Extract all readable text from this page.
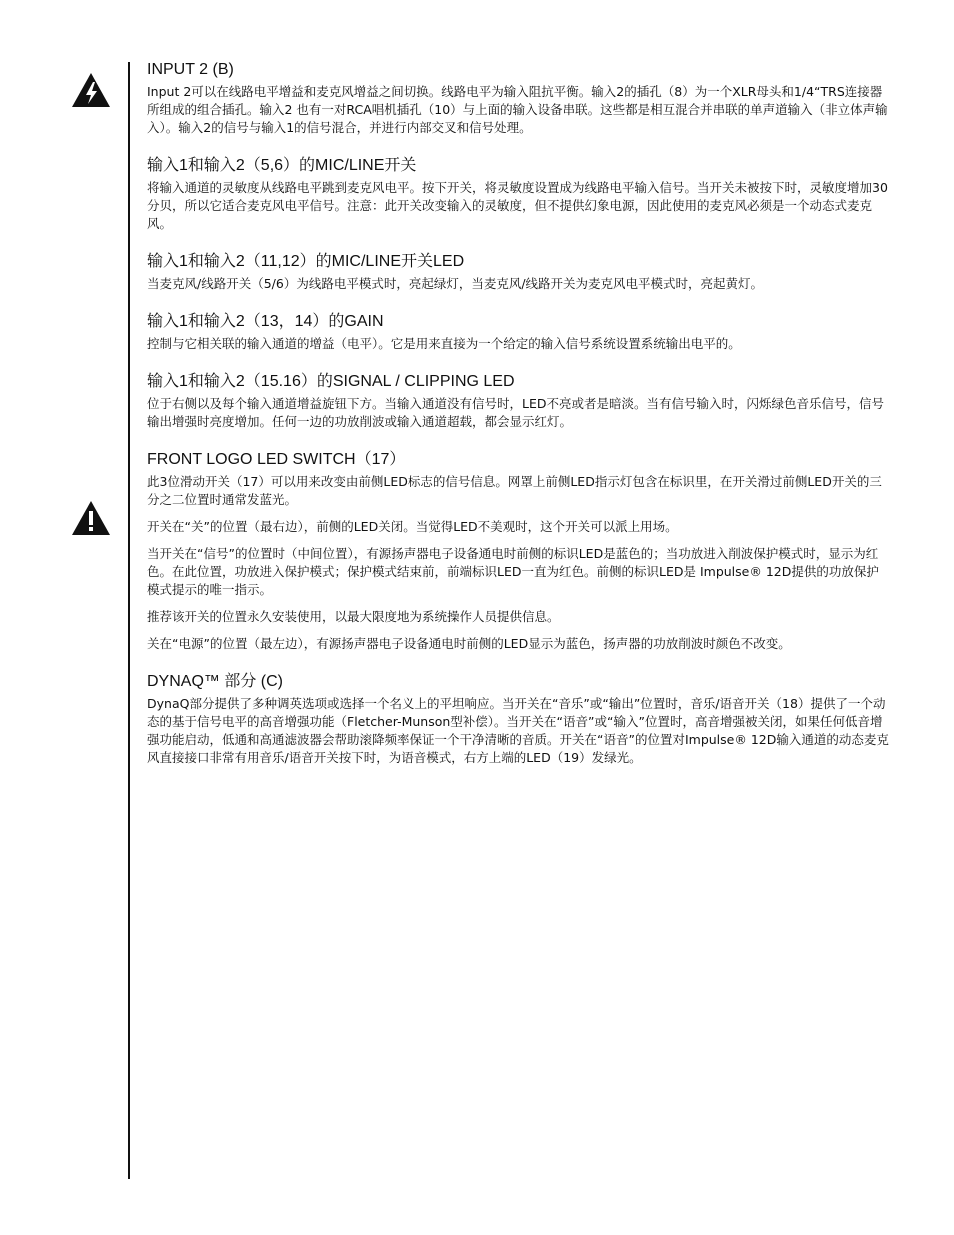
INPUT 2 (B)

Input 2可以在线路电平增益和麦克风增益之间切换。线路电平为输入阻抗平衡。输入2的插孔（8）为一个XLR母头和1/4“TRS连接器所组成的组合插孔。输入2 也有一对RCA唱机插孔（10）与上面的输入设备串联。这些都是相互混合并串联的单声道输入（非立体声输入）。输入2的信号与输入1的信号混合，并进行内部交叉和信号处理。

输入1和输入2（5,6）的MIC/LINE开关

将输入通道的灵敏度从线路电平跳到麦克风电平。按下开关，将灵敏度设置成为线路电平输入信号。当开关未被按下时，灵敏度增加30分贝，所以它适合麦克风电平信号。注意：此开关改变输入的灵敏度，但不提供幻象电源，因此使用的麦克风必须是一个动态式麦克风。

输入1和输入2（11,12）的MIC/LINE开关LED

当麦克风/线路开关（5/6）为线路电平模式时，亮起绿灯，当麦克风/线路开关为麦克风电平模式时，亮起黄灯。

输入1和输入2（13，14）的GAIN

控制与它相关联的输入通道的增益（电平）。它是用来直接为一个给定的输入信号系统设置系统输出电平的。

输入1和输入2（15.16）的SIGNAL / CLIPPING LED

位于右侧以及每个输入通道增益旋钮下方。当输入通道没有信号时，LED不亮或者是暗淡。当有信号输入时，闪烁绿色音乐信号，信号输出增强时亮度增加。任何一边的功放削波或输入通道超载，都会显示红灯。

FRONT LOGO LED SWITCH（17）

此3位滑动开关（17）可以用来改变由前侧LED标志的信号信息。网罩上前侧LED指示灯包含在标识里，在开关滑过前侧LED开关的三分之二位置时通常发蓝光。

开关在“关”的位置（最右边），前侧的LED关闭。当觉得LED不美观时，这个开关可以派上用场。

当开关在“信号”的位置时（中间位置），有源扬声器电子设备通电时前侧的标识LED是蓝色的；当功放进入削波保护模式时，显示为红色。在此位置，功放进入保护模式；保护模式结束前，前端标识LED一直为红色。前侧的标识LED是 Impulse® 12D提供的功放保护模式提示的唯一指示。

推荐该开关的位置永久安装使用，以最大限度地为系统操作人员提供信息。

关在“电源”的位置（最左边），有源扬声器电子设备通电时前侧的LED显示为蓝色，扬声器的功放削波时颜色不改变。

DYNAQ™ 部分 (C)

DynaQ部分提供了多种调英选项或选择一个名义上的平坦响应。当开关在“音乐”或“输出”位置时，音乐/语音开关（18）提供了一个动态的基于信号电平的高音增强功能（Fletcher-Munson型补偿）。当开关在“语音”或“输入”位置时，高音增强被关闭，如果任何低音增强功能启动，低通和高通滤波器会帮助滚降频率保证一个干净清晰的音质。开关在“语音”的位置对Impulse® 12D输入通道的动态麦克风直接接口非常有用音乐/语音开关按下时，为语音模式，右方上端的LED（19）发绿光。
